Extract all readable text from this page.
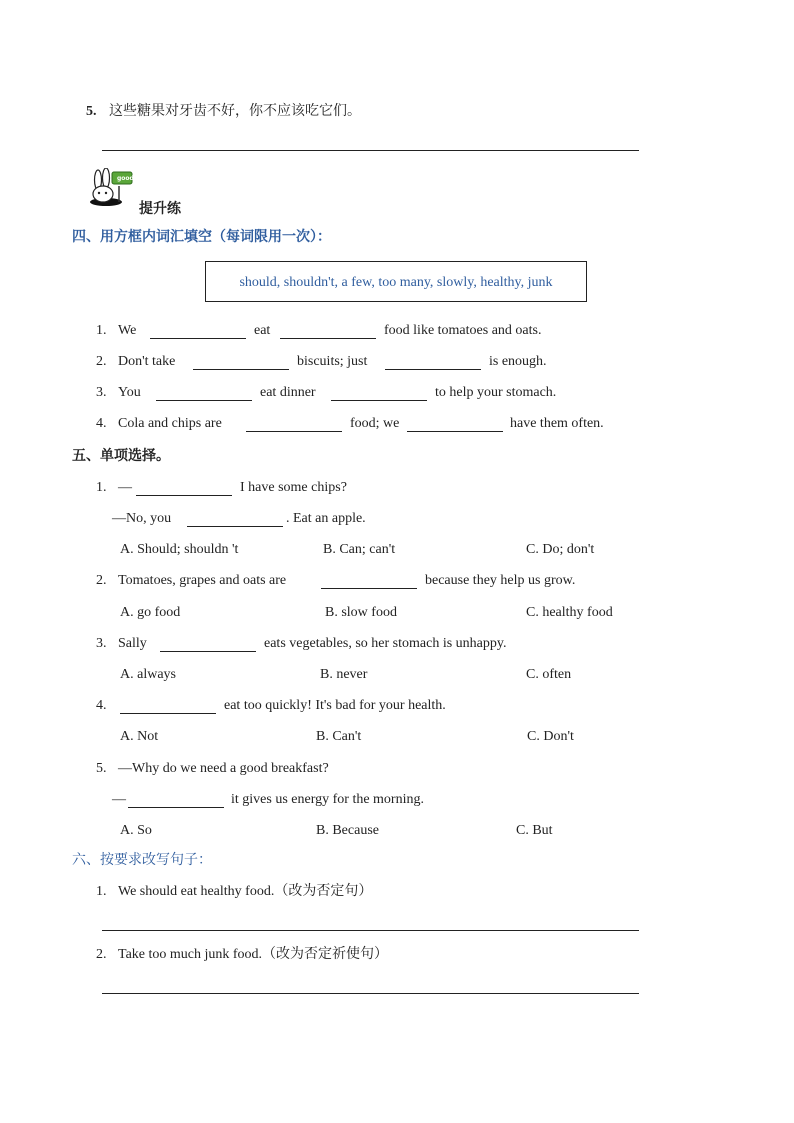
5. 这些糖果对牙齿不好，你不应该吃它们。
good
提升练
四、用方框内词汇填空（每词限用一次）：
should, shouldn't, a few, too many, slowly, healthy, junk
1. We	eat	food like tomatoes and oats.
2. Don't take	biscuits; just	is enough.
3. You	eat dinner	to help your stomach.
4. Cola and chips are	food; we	have them often.
五、单项选择。
1. —	I have some chips?
—No, you	. Eat an apple.
A. Should; shouldn 't	B. Can; can't	C. Do; don't
2. Tomatoes, grapes and oats are	because they help us grow.
A. go food	B. slow food	C. healthy food
3. Sally	eats vegetables, so her stomach is unhappy.
A. always	B. never	C. often
4.	eat too quickly! It's bad for your health.
A. Not	B. Can't	C. Don't
5. —Why do we need a good breakfast?
—	it gives us energy for the morning.
A. So	B. Because	C. But
六、按要求改写句子：
1. We should eat healthy food.（改为否定句）
2. Take too much junk food.（改为否定祈使句）
